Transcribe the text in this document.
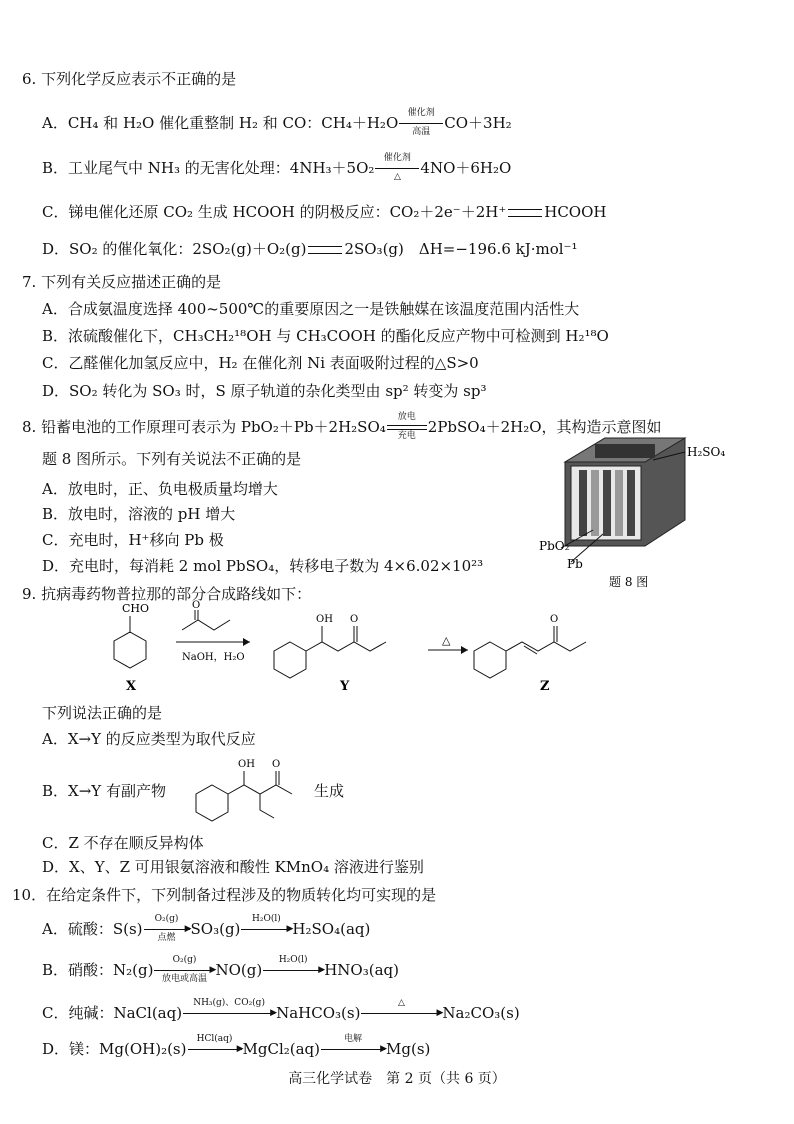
6. 下列化学反应表示不正确的是
A．CH₄ 和 H₂O 催化重整制 H₂ 和 CO：CH₄＋H₂O
催化剂
高温 CO＋3H₂
B．工业尾气中 NH₃ 的无害化处理：4NH₃＋5O₂
催化剂
△	4NO＋6H₂O
C．锑电催化还原 CO₂ 生成 HCOOH 的阴极反应：CO₂＋2e⁻＋2H⁺	HCOOH
D．SO₂ 的催化氧化：2SO₂(g)＋O₂(g)	2SO₃(g)　ΔH=−196.6 kJ·mol⁻¹
7. 下列有关反应描述正确的是
A．合成氨温度选择 400~500℃的重要原因之一是铁触媒在该温度范围内活性大
B．浓硫酸催化下，CH₃CH₂¹⁸OH 与 CH₃COOH 的酯化反应产物中可检测到 H₂¹⁸O
C．乙醛催化加氢反应中，H₂ 在催化剂 Ni 表面吸附过程的△S>0
D．SO₂ 转化为 SO₃ 时，S 原子轨道的杂化类型由 sp² 转变为 sp³
8. 铅蓄电池的工作原理可表示为 PbO₂＋Pb＋2H₂SO₄
放电
充电 2PbSO₄＋2H₂O，其构造示意图如
题 8 图所示。下列有关说法不正确的是
A．放电时，正、负电极质量均增大
B．放电时，溶液的 pH 增大
C．充电时，H⁺移向 Pb 极
D．充电时，每消耗 2 mol PbSO₄，转移电子数为 4×6.02×10²³
H₂SO₄
PbO₂
Pb
题 8 图
9. 抗病毒药物普拉那的部分合成路线如下：
CHO
X
O
NaOH，H₂O
OH O
Y
△
O
Z
下列说法正确的是
A．X→Y 的反应类型为取代反应
B．X→Y 有副产物
OH O
生成
C．Z 不存在顺反异构体
D．X、Y、Z 可用银氨溶液和酸性 KMnO₄ 溶液进行鉴别
10．在给定条件下，下列制备过程涉及的物质转化均可实现的是
A．硫酸：S(s)
O₂(g)
▶
点燃	SO₃(g)
H₂O(l)
▶ H₂SO₄(aq)
B．硝酸：N₂(g)
O₂(g)
▶
放电或高温 NO(g)
H₂O(l)
▶ HNO₃(aq)
C．纯碱：NaCl(aq)
NH₃(g)、CO₂(g)
▶ NaHCO₃(s)
△
▶ Na₂CO₃(s)
D．镁：Mg(OH)₂(s)
HCl(aq)
▶ MgCl₂(aq)
电解
▶ Mg(s)
高三化学试卷　第 2 页（共 6 页）
